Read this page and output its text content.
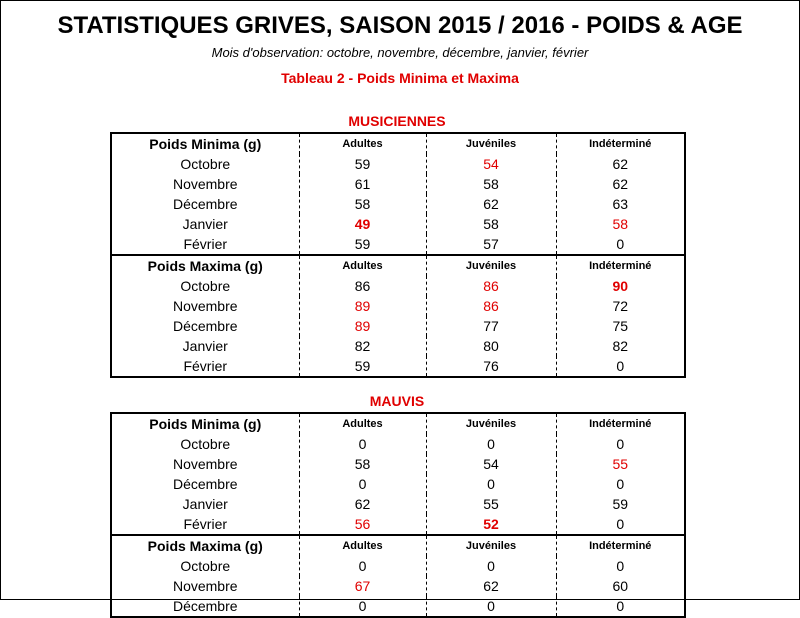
STATISTIQUES GRIVES, SAISON 2015 / 2016 - POIDS & AGE
Mois d'observation: octobre, novembre, décembre, janvier, février
Tableau 2 - Poids Minima et Maxima
MUSICIENNES
Poids Minima (g)	Adultes	Juvéniles	Indéterminé
Octobre	59	54	62
Novembre	61	58	62
Décembre	58	62	63
Janvier	49	58	58
Février	59	57	0
Poids Maxima (g)	Adultes	Juvéniles	Indéterminé
Octobre	86	86	90
Novembre	89	86	72
Décembre	89	77	75
Janvier	82	80	82
Février	59	76	0
MAUVIS
Poids Minima (g)	Adultes	Juvéniles	Indéterminé
Octobre	0	0	0
Novembre	58	54	55
Décembre	0	0	0
Janvier	62	55	59
Février	56	52	0
Poids Maxima (g)	Adultes	Juvéniles	Indéterminé
Octobre	0	0	0
Novembre	67	62	60
Décembre	0	0	0
